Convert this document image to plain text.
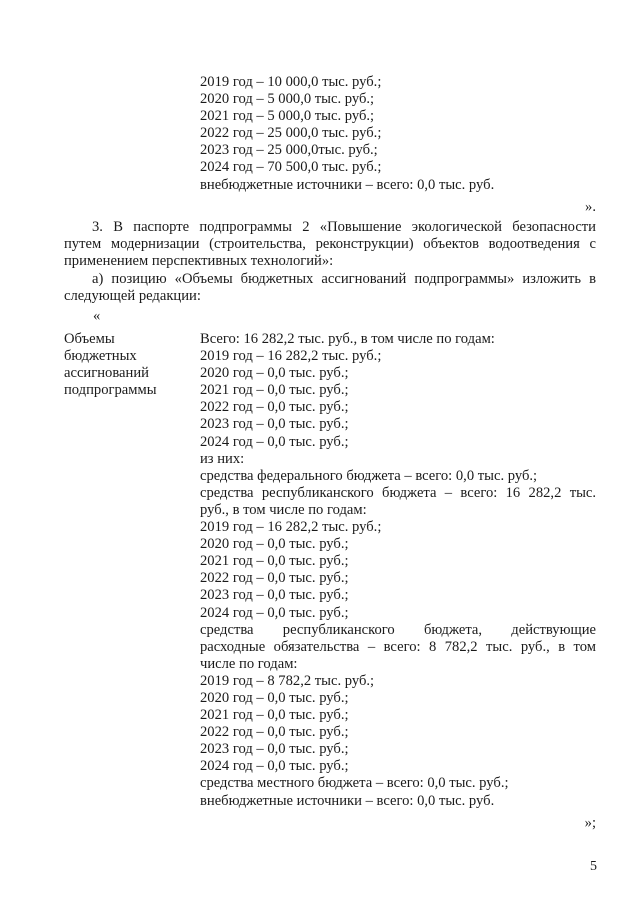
2019 год – 10 000,0 тыс. руб.;
2020 год – 5 000,0 тыс. руб.;
2021 год – 5 000,0 тыс. руб.;
2022 год – 25 000,0 тыс. руб.;
2023 год – 25 000,0тыс. руб.;
2024 год – 70 500,0 тыс. руб.;
внебюджетные источники – всего: 0,0 тыс. руб.
».
3. В паспорте подпрограммы 2 «Повышение экологической безопасности
путем модернизации (строительства, реконструкции) объектов водоотведения с
применением перспективных технологий»:
а) позицию «Объемы бюджетных ассигнований подпрограммы» изложить в
следующей редакции:
«
Объемы
бюджетных
ассигнований
подпрограммы
Всего: 16 282,2 тыс. руб., в том числе по годам:
2019 год – 16 282,2 тыс. руб.;
2020 год – 0,0 тыс. руб.;
2021 год – 0,0 тыс. руб.;
2022 год – 0,0 тыс. руб.;
2023 год – 0,0 тыс. руб.;
2024 год – 0,0 тыс. руб.;
из них:
средства федерального бюджета – всего: 0,0 тыс. руб.;
средства республиканского бюджета – всего: 16 282,2 тыс.
руб., в том числе по годам:
2019 год – 16 282,2 тыс. руб.;
2020 год – 0,0 тыс. руб.;
2021 год – 0,0 тыс. руб.;
2022 год – 0,0 тыс. руб.;
2023 год – 0,0 тыс. руб.;
2024 год – 0,0 тыс. руб.;
средства республиканского бюджета, действующие
расходные обязательства – всего: 8 782,2 тыс. руб., в том
числе по годам:
2019 год – 8 782,2 тыс. руб.;
2020 год – 0,0 тыс. руб.;
2021 год – 0,0 тыс. руб.;
2022 год – 0,0 тыс. руб.;
2023 год – 0,0 тыс. руб.;
2024 год – 0,0 тыс. руб.;
средства местного бюджета – всего: 0,0 тыс. руб.;
внебюджетные источники – всего: 0,0 тыс. руб.
»;
5
